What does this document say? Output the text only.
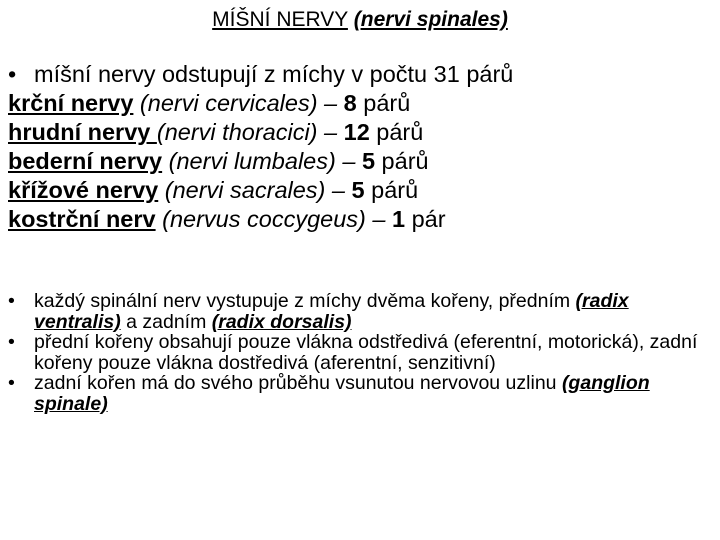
MÍŠNÍ NERVY (nervi spinales)
• míšní nervy odstupují z míchy v počtu 31 párů
krční nervy (nervi cervicales) – 8 párů
hrudní nervy (nervi thoracici) – 12 párů
bederní nervy (nervi lumbales) – 5 párů
křížové nervy (nervi sacrales) – 5 párů
kostrční nerv (nervus coccygeus) – 1 pár
• každý spinální nerv vystupuje z míchy dvěma kořeny, předním (radix ventralis) a zadním (radix dorsalis)
• přední kořeny obsahují pouze vlákna odstředivá (eferentní, motorická), zadní kořeny pouze vlákna dostředivá (aferentní, senzitivní)
• zadní kořen má do svého průběhu vsunutou nervovou uzlinu (ganglion spinale)
